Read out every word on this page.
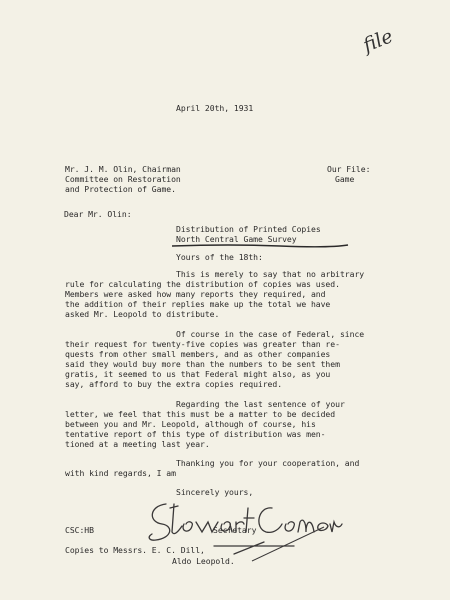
file
April 20th, 1931
Mr. J. M. Olin, Chairman
Committee on Restoration
and Protection of Game.
Our File:
Game
Dear Mr. Olin:
Distribution of Printed Copies
North Central Game Survey
Yours of the 18th:
This is merely to say that no arbitrary
rule for calculating the distribution of copies was used.
Members were asked how many reports they required, and
the addition of their replies make up the total we have
asked Mr. Leopold to distribute.
Of course in the case of Federal, since
their request for twenty-five copies was greater than re-
quests from other small members, and as other companies
said they would buy more than the numbers to be sent them
gratis, it seemed to us that Federal might also, as you
say, afford to buy the extra copies required.
Regarding the last sentence of your
letter, we feel that this must be a matter to be decided
between you and Mr. Leopold, although of course, his
tentative report of this type of distribution was men-
tioned at a meeting last year.
Thanking you for your cooperation, and
with kind regards, I am
Sincerely yours,
Secretary
CSC:HB
Copies to Messrs. E. C. Dill,
Aldo Leopold.
